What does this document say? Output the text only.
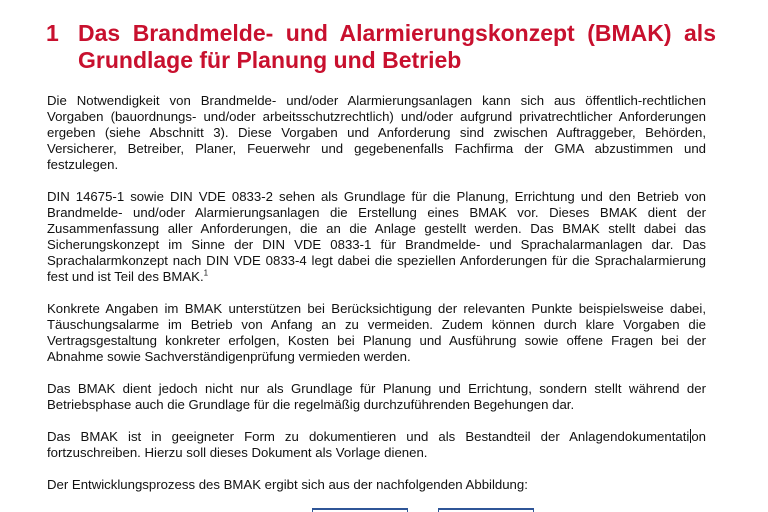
1 Das Brandmelde- und Alarmierungskonzept (BMAK) als Grundlage für Planung und Betrieb

Die Notwendigkeit von Brandmelde- und/oder Alarmierungsanlagen kann sich aus öffentlich-rechtlichen Vorgaben (bauordnungs- und/oder arbeitsschutzrechtlich) und/oder aufgrund privatrechtlicher Anforderungen ergeben (siehe Abschnitt 3). Diese Vorgaben und Anforderung sind zwischen Auftraggeber, Behörden, Versicherer, Betreiber, Planer, Feuerwehr und gegebenenfalls Fachfirma der GMA abzustimmen und festzulegen.

DIN 14675-1 sowie DIN VDE 0833-2 sehen als Grundlage für die Planung, Errichtung und den Betrieb von Brandmelde- und/oder Alarmierungsanlagen die Erstellung eines BMAK vor. Dieses BMAK dient der Zusammenfassung aller Anforderungen, die an die Anlage gestellt werden. Das BMAK stellt dabei das Sicherungskonzept im Sinne der DIN VDE 0833-1 für Brandmelde- und Sprachalarmanlagen dar. Das Sprachalarmkonzept nach DIN VDE 0833-4 legt dabei die speziellen Anforderungen für die Sprachalarmierung fest und ist Teil des BMAK.$^1$

Konkrete Angaben im BMAK unterstützen bei Berücksichtigung der relevanten Punkte beispielsweise dabei, Täuschungsalarme im Betrieb von Anfang an zu vermeiden. Zudem können durch klare Vorgaben die Vertragsgestaltung konkreter erfolgen, Kosten bei Planung und Ausführung sowie offene Fragen bei der Abnahme sowie Sachverständigenprüfung vermieden werden.

Das BMAK dient jedoch nicht nur als Grundlage für Planung und Errichtung, sondern stellt während der Betriebsphase auch die Grundlage für die regelmäßig durchzuführenden Begehungen dar.

Das BMAK ist in geeigneter Form zu dokumentieren und als Bestandteil der Anlagendokumentati on fortzuschreiben. Hierzu soll dieses Dokument als Vorlage dienen.

Der Entwicklungsprozess des BMAK ergibt sich aus der nachfolgenden Abbildung:
